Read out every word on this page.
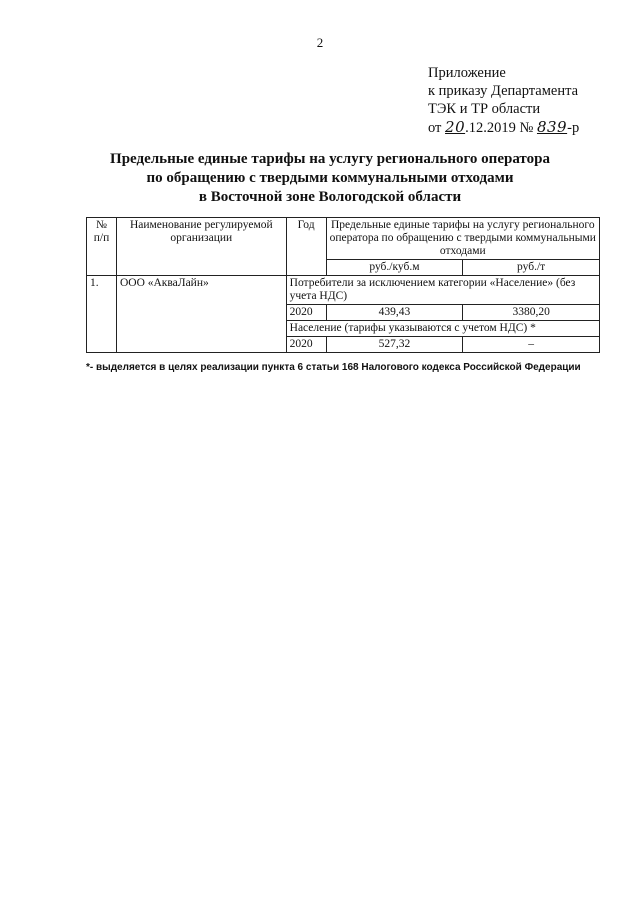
2
Приложение
к приказу Департамента
ТЭК и ТР области
от 20.12.2019 № 839-р
Предельные единые тарифы на услугу регионального оператора
по обращению с твердыми коммунальными отходами
в Восточной зоне Вологодской области
№ п/п	Наименование регулируемой организации	Год	Предельные единые тарифы на услугу регионального оператора по обращению с твердыми коммунальными отходами	
			руб./куб.м	руб./т
1.	ООО «АкваЛайн»	Потребители за исключением категории «Население» (без учета НДС)		
		2020	439,43	3380,20
		Население (тарифы указываются с учетом НДС) *		
		2020	527,32	–
*- выделяется в целях реализации пункта 6 статьи 168 Налогового кодекса Российской Федерации
